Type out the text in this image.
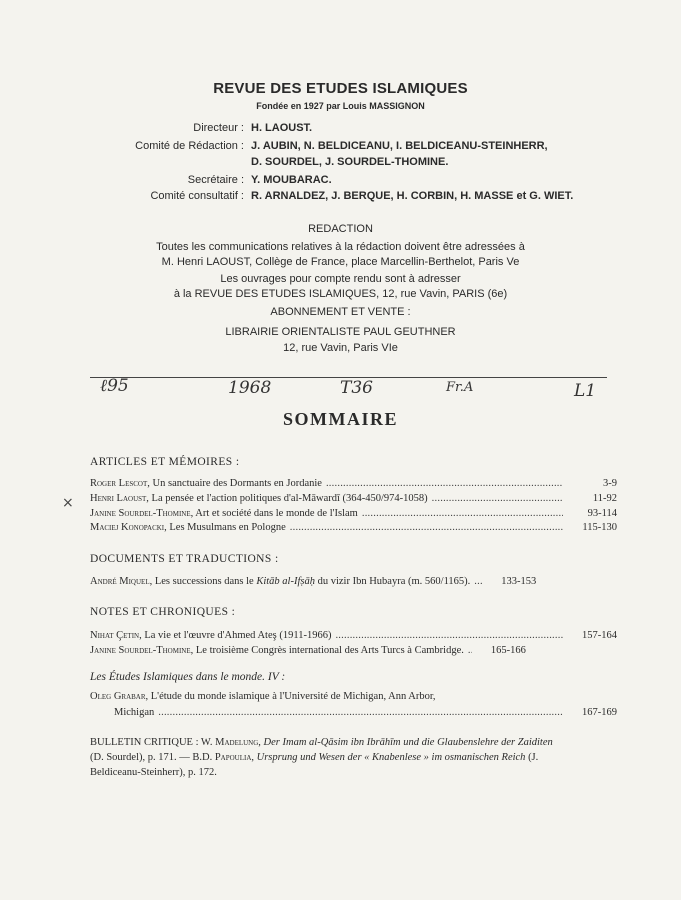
REVUE DES ETUDES ISLAMIQUES
Fondée en 1927 par Louis MASSIGNON
Directeur : H. LAOUST.
Comité de Rédaction : J. AUBIN, N. BELDICEANU, I. BELDICEANU-STEINHERR,
D. SOURDEL, J. SOURDEL-THOMINE.
Secrétaire : Y. MOUBARAC.
Comité consultatif : R. ARNALDEZ, J. BERQUE, H. CORBIN, H. MASSE et G. WIET.
REDACTION
Toutes les communications relatives à la rédaction doivent être adressées à
M. Henri LAOUST, Collège de France, place Marcellin-Berthelot, Paris Ve
Les ouvrages pour compte rendu sont à adresser
à la REVUE DES ETUDES ISLAMIQUES, 12, rue Vavin, PARIS (6e)
ABONNEMENT ET VENTE :
LIBRAIRIE ORIENTALISTE PAUL GEUTHNER
12, rue Vavin, Paris VIe
ℓ95	1968	T36	Fr.A	L1
SOMMAIRE
ARTICLES ET MÉMOIRES :
×
Roger Lescot, Un sanctuaire des Dormants en Jordanie . . .	3-9
Henri Laoust, La pensée et l'action politiques d'al-Māwardī (364-450/974-1058) . . .	11-92
Janine Sourdel-Thomine, Art et société dans le monde de l'Islam . . .	93-114
Maciej Konopacki, Les Musulmans en Pologne . . .	115-130
DOCUMENTS ET TRADUCTIONS :
André Miquel, Les successions dans le Kitāb al-Ifṣāḥ du vizir Ibn Hubayra (m. 560/1165). . . .	133-153
NOTES ET CHRONIQUES :
Nihat Çetin, La vie et l'œuvre d'Ahmed Ateş (1911-1966) . . .	157-164
Janine Sourdel-Thomine, Le troisième Congrès international des Arts Turcs à Cambridge. . . .	165-166
Les Études Islamiques dans le monde. IV :
Oleg Grabar, L'étude du monde islamique à l'Université de Michigan, Ann Arbor,
Michigan . . .	167-169
BULLETIN CRITIQUE : W. Madelung, Der Imam al-Qāsim ibn Ibrāhīm und die Glaubenslehre der Zaiditen (D. Sourdel), p. 171. — B.D. Papoulia, Ursprung und Wesen der « Knabenlese » im osmanischen Reich (J. Beldiceanu-Steinherr), p. 172.
